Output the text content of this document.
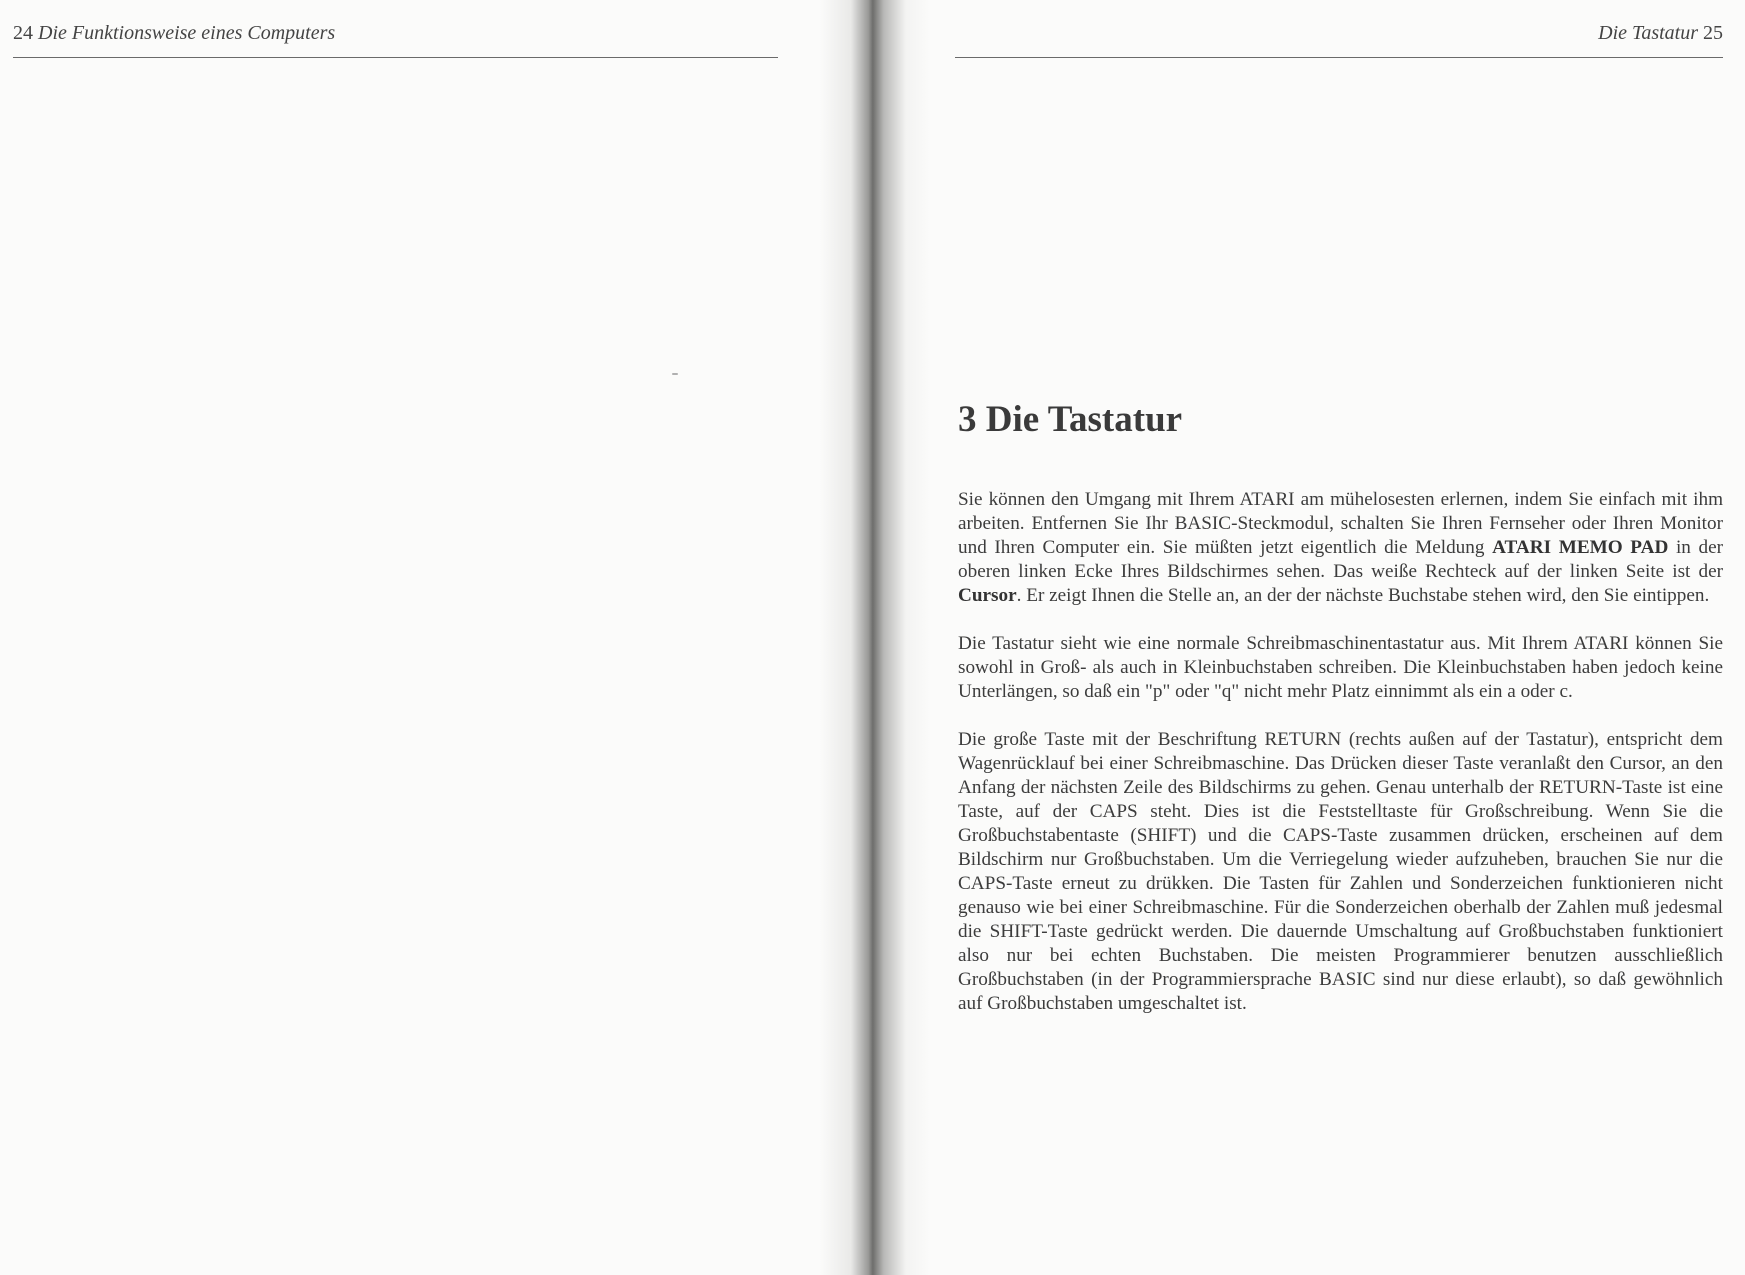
24 Die Funktionsweise eines Computers	Die Tastatur 25
3 Die Tastatur

Sie können den Umgang mit Ihrem ATARI am mühelosesten erlernen, indem Sie einfach mit ihm arbeiten. Entfernen Sie Ihr BASIC-Steckmodul, schalten Sie Ihren Fernseher oder Ihren Monitor und Ihren Computer ein. Sie müßten jetzt eigentlich die Meldung ATARI MEMO PAD in der oberen linken Ecke Ihres Bildschirmes sehen. Das weiße Rechteck auf der linken Seite ist der Cursor. Er zeigt Ihnen die Stelle an, an der der nächste Buchstabe stehen wird, den Sie eintippen.

Die Tastatur sieht wie eine normale Schreibmaschinentastatur aus. Mit Ihrem ATARI können Sie sowohl in Groß- als auch in Kleinbuchstaben schreiben. Die Kleinbuchstaben haben jedoch keine Unterlängen, so daß ein "p" oder "q" nicht mehr Platz einnimmt als ein a oder c.

Die große Taste mit der Beschriftung RETURN (rechts außen auf der Tastatur), entspricht dem Wagenrücklauf bei einer Schreibmaschine. Das Drücken dieser Taste veranlaßt den Cursor, an den Anfang der nächsten Zeile des Bildschirms zu gehen. Genau unterhalb der RETURN-Taste ist eine Taste, auf der CAPS steht. Dies ist die Feststelltaste für Großschreibung. Wenn Sie die Großbuchstabentaste (SHIFT) und die CAPS-Taste zusammen drücken, erscheinen auf dem Bildschirm nur Großbuchstaben. Um die Verriegelung wieder aufzuheben, brauchen Sie nur die CAPS-Taste erneut zu drükken. Die Tasten für Zahlen und Sonderzeichen funktionieren nicht genauso wie bei einer Schreibmaschine. Für die Sonderzeichen oberhalb der Zahlen muß jedesmal die SHIFT-Taste gedrückt werden. Die dauernde Umschaltung auf Großbuchstaben funktioniert also nur bei echten Buchstaben. Die meisten Programmierer benutzen ausschließlich Großbuchstaben (in der Programmiersprache BASIC sind nur diese erlaubt), so daß gewöhnlich auf Großbuchstaben umgeschaltet ist.
